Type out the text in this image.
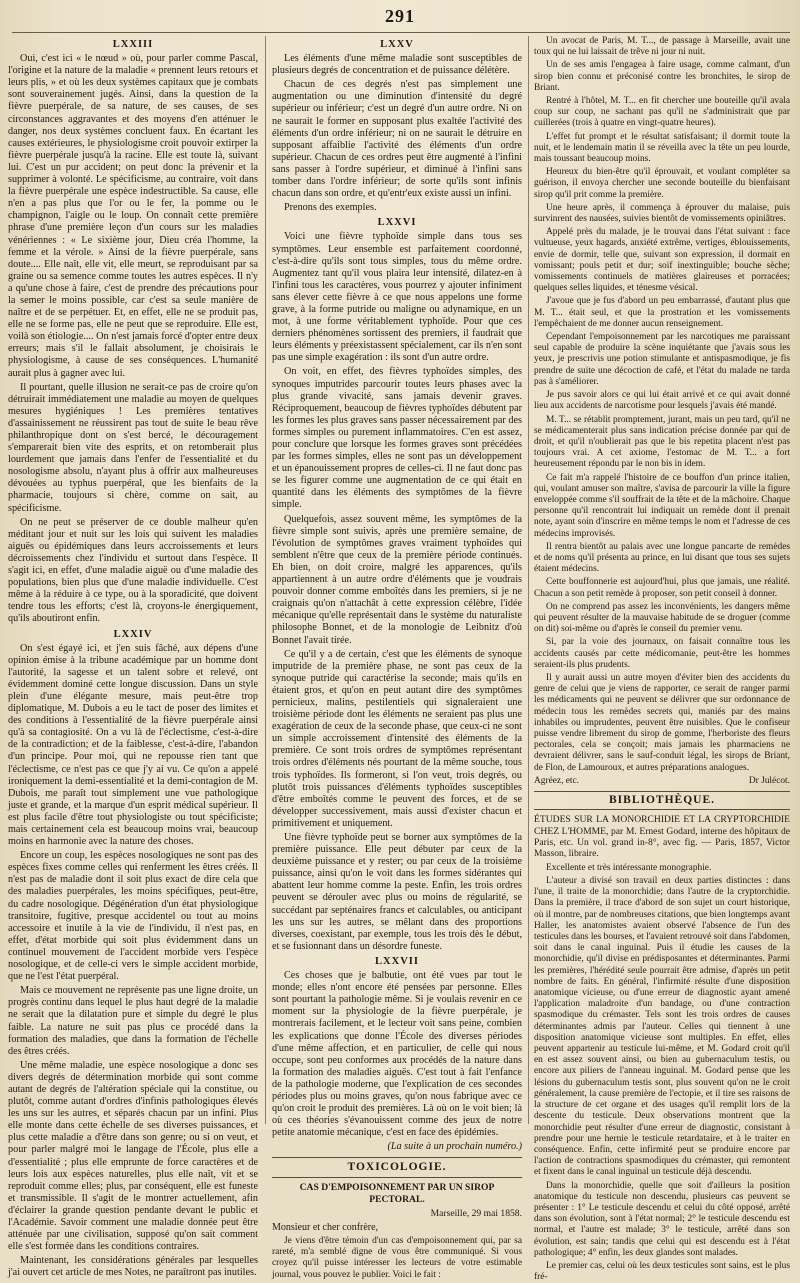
291
LXXIII

Oui, c'est ici « le nœud » où, pour parler comme Pascal, l'origine et la nature de la maladie « prennent leurs retours et leurs plis, » et où les deux systèmes capitaux que je combats sont souverainement jugés. Ainsi, dans la question de la fièvre puerpérale, de sa nature, de ses causes, de ses circonstances aggravantes et des moyens d'en atténuer le danger, nos deux systèmes concluent faux. En écartant les causes extérieures, le physiologisme croit pouvoir extirper la fièvre puerpérale jusqu'à la racine. Elle est toute là, suivant lui. C'est un pur accident; on peut donc la prévenir et la supprimer à volonté. Le spécificisme, au contraire, voit dans la fièvre puerpérale une espèce indestructible. Sa cause, elle n'en a pas plus que l'or ou le fer, la pomme ou le champignon, l'aigle ou le loup. On connaît cette première phrase d'une première leçon d'un cours sur les maladies vénériennes : « Le sixième jour, Dieu créa l'homme, la femme et la vérole. » Ainsi de la fièvre puerpérale, sans doute.... Elle naît, elle vit, elle meurt, se reproduisant par sa graine ou sa semence comme toutes les autres espèces. Il n'y a qu'une chose à faire, c'est de prendre des précautions pour la semer le moins possible, car c'est sa seule manière de naître et de se perpétuer. Et, en effet, elle ne se produit pas, elle ne se forme pas, elle ne peut que se reproduire. Elle est, voilà son étiologie.... On n'est jamais forcé d'opter entre deux erreurs; mais s'il le fallait absolument, je choisirais le physiologisme, à cause de ses conséquences. L'humanité aurait plus à gagner avec lui.

Il pourtant, quelle illusion ne serait-ce pas de croire qu'on détruirait immédiatement une maladie au moyen de quelques mesures hygiéniques ! Les premières tentatives d'assainissement ne réussirent pas tout de suite le beau rêve philanthropique dont on s'est bercé, le découragement s'emparerait bien vite des esprits, et on retomberait plus lourdement que jamais dans l'enfer de l'essentialité et du nosologisme absolu, n'ayant plus à offrir aux malheureuses dévouées au typhus puerpéral, que les bienfaits de la pharmacie, toujours si chère, comme on sait, au spécificisme.

On ne peut se préserver de ce double malheur qu'en méditant jour et nuit sur les lois qui suivent les maladies aiguës ou épidémiques dans leurs accroissements et leurs décroissements chez l'individu et surtout dans l'espèce. Il s'agit ici, en effet, d'une maladie aiguë ou d'une maladie des populations, bien plus que d'une maladie individuelle. C'est même à la réduire à ce type, ou à la sporadicité, que doivent tendre tous les efforts; c'est là, croyons-le énergiquement, qu'ils aboutiront enfin.

LXXIV

On s'est égayé ici, et j'en suis fâché, aux dépens d'une opinion émise à la tribune académique par un homme dont l'autorité, la sagesse et un talent sobre et relevé, ont évidemment dominé cette longue discussion. Dans un style plein d'une élégante mesure, mais peut-être trop diplomatique, M. Dubois a eu le tact de poser des limites et des conditions à l'essentialité de la fièvre puerpérale ainsi qu'à sa contagiosité. On a vu là de l'éclectisme, c'est-à-dire de la contradiction; et de la faiblesse, c'est-à-dire, l'abandon d'un principe. Pour moi, qui ne repousse rien tant que l'éclectisme, ce n'est pas ce que j'y ai vu. Ce qu'on a appelé ironiquement la demi-essentialité et la demi-contagion de M. Dubois, me paraît tout simplement une vue pathologique juste et grande, et la marque d'un esprit médical supérieur. Il est plus facile d'être tout physiologiste ou tout spécificiste; mais certainement cela est beaucoup moins vrai, beaucoup moins en harmonie avec la nature des choses.

Encore un coup, les espèces nosologiques ne sont pas des espèces fixes comme celles qui renferment les êtres créés. Il n'est pas de maladie dont il soit plus exact de dire cela que des maladies puerpérales, les moins spécifiques, peut-être, du cadre nosologique. Dégénération d'un état physiologique transitoire, fugitive, presque accidentel ou tout au moins accessoire et inutile à la vie de l'individu, il n'est pas, en effet, d'état morbide qui soit plus évidemment dans un continuel mouvement de l'accident morbide vers l'espèce nosologique, et de celle-ci vers le simple accident morbide, que ne l'est l'état puerpéral.

Mais ce mouvement ne représente pas une ligne droite, un progrès continu dans lequel le plus haut degré de la maladie ne serait que la dilatation pure et simple du degré le plus faible. La nature ne suit pas plus ce procédé dans la formation des maladies, que dans la formation de l'échelle des êtres créés.

Une même maladie, une espèce nosologique a donc ses divers degrés de détermination morbide qui sont comme autant de degrés de l'altération spéciale qui la constitue, ou plutôt, comme autant d'ordres d'infinis pathologiques élevés les uns sur les autres, et séparés chacun par un infini. Plus elle monte dans cette échelle de ses diverses puissances, et plus cette maladie a d'être dans son genre; ou si on veut, et pour parler malgré moi le langage de l'École, plus elle a d'essentialité ; plus elle emprunte de force caractères et de leurs lois aux espèces naturelles, plus elle naît, vit et se reproduit comme elles; plus, par conséquent, elle est funeste et transmissible. Il s'agit de le montrer actuellement, afin d'éclairer la grande question pendante devant le public et l'Académie. Savoir comment une maladie donnée peut être atténuée par une civilisation, supposé qu'on sait comment elle s'est formée dans les conditions contraires.

Maintenant, les considérations générales par lesquelles j'ai ouvert cet article de mes Notes, ne paraîtront pas inutiles.

LXXV

Les éléments d'une même maladie sont susceptibles de plusieurs degrés de concentration et de puissance délétère.

Chacun de ces degrés n'est pas simplement une augmentation ou une diminution d'intensité du degré supérieur ou inférieur; c'est un degré d'un autre ordre. Ni on ne saurait le former en supposant plus exaltée l'activité des éléments d'un ordre inférieur; ni on ne saurait le détruire en supposant affaiblie l'activité des éléments d'un ordre supérieur. Chacun de ces ordres peut être augmenté à l'infini sans passer à l'ordre supérieur, et diminué à l'infini sans tomber dans l'ordre inférieur; de sorte qu'ils sont infinis chacun dans son ordre, et qu'entr'eux existe aussi un infini.

Prenons des exemples.

LXXVI

Voici une fièvre typhoïde simple dans tous ses symptômes. Leur ensemble est parfaitement coordonné, c'est-à-dire qu'ils sont tous simples, tous du même ordre. Augmentez tant qu'il vous plaira leur intensité, dilatez-en à l'infini tous les caractères, vous pourrez y ajouter infiniment sans élever cette fièvre à ce que nous appelons une forme grave, à la forme putride ou maligne ou adynamique, en un mot, à une forme véritablement typhoïde. Pour que ces derniers phénomènes sortissent des premiers, il faudrait que leurs éléments y préexistassent spécialement, car ils n'en sont pas une simple exagération : ils sont d'un autre ordre.

On voit, en effet, des fièvres typhoïdes simples, des synoques imputrides parcourir toutes leurs phases avec la plus grande vivacité, sans jamais devenir graves. Réciproquement, beaucoup de fièvres typhoïdes débutent par les formes les plus graves sans passer nécessairement par des formes simples ou purement inflammatoires. C'en est assez, pour conclure que lorsque les formes graves sont précédées par les formes simples, elles ne sont pas un développement et un épanouissement propres de celles-ci. Il ne faut donc pas se les figurer comme une augmentation de ce qui était en quantité dans les éléments des symptômes de la fièvre simple.

Quelquefois, assez souvent même, les symptômes de la fièvre simple sont suivis, après une première semaine, de l'évolution de symptômes graves vraiment typhoïdes qui semblent n'être que ceux de la première période continués. Eh bien, on doit croire, malgré les apparences, qu'ils appartiennent à un autre ordre d'éléments que je voudrais pouvoir donner comme emboîtés dans les premiers, si je ne craignais qu'on n'attachât à cette expression célèbre, l'idée mécanique qu'elle représentait dans le système du naturaliste philosophe Bonnet, et de la monologie de Leibnitz d'où Bonnet l'avait tirée.

Ce qu'il y a de certain, c'est que les éléments de synoque imputride de la première phase, ne sont pas ceux de la synoque putride qui caractérise la seconde; mais qu'ils en étaient gros, et qu'on en peut autant dire des symptômes pernicieux, malins, pestilentiels qui signaleraient une troisième période dont les éléments ne seraient pas plus une exagération de ceux de la seconde phase, que ceux-ci ne sont un simple accroissement d'intensité des éléments de la première. Ce sont trois ordres de symptômes représentant trois ordres d'éléments nés pourtant de la même souche, tous trois typhoïdes. Ils formeront, si l'on veut, trois degrés, ou plutôt trois puissances d'éléments typhoïdes susceptibles d'être emboîtés comme le peuvent des forces, et de se développer successivement, mais aussi d'exister chacun et primitivement et uniquement.

Une fièvre typhoïde peut se borner aux symptômes de la première puissance. Elle peut débuter par ceux de la deuxième puissance et y rester; ou par ceux de la troisième puissance, ainsi qu'on le voit dans les formes sidérantes qui abattent leur homme comme la peste. Enfin, les trois ordres peuvent se dérouler avec plus ou moins de régularité, se succédant par septénaires francs et calculables, ou anticipant les uns sur les autres, se mêlant dans des proportions diverses, coexistant, par exemple, tous les trois dès le début, et se fusionnant dans un désordre funeste.

LXXVII

Ces choses que je balbutie, ont été vues par tout le monde; elles n'ont encore été pensées par personne. Elles sont pourtant la pathologie même. Si je voulais revenir en ce moment sur la physiologie de la fièvre puerpérale, je montrerais facilement, et le lecteur voit sans peine, combien les explications que donne l'École des diverses périodes d'une même affection, et en particulier, de celle qui nous occupe, sont peu conformes aux procédés de la nature dans la formation des maladies aiguës. C'est tout à fait l'enfance de la pathologie moderne, que l'explication de ces secondes périodes plus ou moins graves, qu'on nous fabrique avec ce qu'on croit le produit des premières. Là où on le voit bien; là où ces théories s'évanouissent comme des jeux de notre petite anatomie mécanique, c'est en face des épidémies.

(La suite à un prochain numéro.)
TOXICOLOGIE.
CAS D'EMPOISONNEMENT PAR UN SIROP PECTORAL.
Marseille, 29 mai 1858.
Monsieur et cher confrère,

Je viens d'être témoin d'un cas d'empoisonnement qui, par sa rareté, m'a semblé digne de vous être communiqué. Si vous croyez qu'il puisse intéresser les lecteurs de votre estimable journal, vous pouvez le publier. Voici le fait :

Un avocat de Paris, M. T..., de passage à Marseille, avait une toux qui ne lui laissait de trêve ni jour ni nuit.

Un de ses amis l'engagea à faire usage, comme calmant, d'un sirop bien connu et préconisé contre les bronchites, le sirop de Briant.

Rentré à l'hôtel, M. T... en fit chercher une bouteille qu'il avala coup sur coup, ne sachant pas qu'il ne s'administrait que par cuillerées (trois à quatre en vingt-quatre heures).

L'effet fut prompt et le résultat satisfaisant; il dormit toute la nuit, et le lendemain matin il se réveilla avec la tête un peu lourde, mais toussant beaucoup moins.

Heureux du bien-être qu'il éprouvait, et voulant compléter sa guérison, il envoya chercher une seconde bouteille du bienfaisant sirop qu'il prit comme la première.

Une heure après, il commença à éprouver du malaise, puis survinrent des nausées, suivies bientôt de vomissements opiniâtres.

Appelé près du malade, je le trouvai dans l'état suivant : face vultueuse, yeux hagards, anxiété extrême, vertiges, éblouissements, envie de dormir, telle que, suivant son expression, il dormait en vomissant; pouls petit et dur; soif inextinguible; bouche sèche; vomissements continuels de matières glaireuses et porracées; quelques selles liquides, et ténesme vésical.

J'avoue que je fus d'abord un peu embarrassé, d'autant plus que M. T... était seul, et que la prostration et les vomissements l'empêchaient de me donner aucun renseignement.

Cependant l'empoisonnement par les narcotiques me paraissant seul capable de produire la scène inquiétante que j'avais sous les yeux, je prescrivis une potion stimulante et antispasmodique, je fis prendre de suite une décoction de café, et l'état du malade ne tarda pas à s'améliorer.

Je pus savoir alors ce qui lui était arrivé et ce qui avait donné lieu aux accidents de narcotisme pour lesquels j'avais été mandé.

M. T... se rétablit promptement, jurant, mais un peu tard, qu'il ne se médicamenterait plus sans indication précise donnée par qui de droit, et qu'il n'oublierait pas que le bis repetita placent n'est pas toujours vrai. A cet axiome, l'estomac de M. T... a fort heureusement répondu par le non bis in idem.

Ce fait m'a rappelé l'histoire de ce bouffon d'un prince italien, qui, voulant amuser son maître, s'avisa de parcourir la ville la figure enveloppée comme s'il souffrait de la tête et de la mâchoire. Chaque personne qu'il rencontrait lui indiquait un remède dont il prenait note, ayant soin d'inscrire en même temps le nom et l'adresse de ces médecins improvisés.

Il rentra bientôt au palais avec une longue pancarte de remèdes et de noms qu'il présenta au prince, en lui disant que tous ses sujets étaient médecins.

Cette bouffonnerie est aujourd'hui, plus que jamais, une réalité. Chacun a son petit remède à proposer, son petit conseil à donner.

On ne comprend pas assez les inconvénients, les dangers même qui peuvent résulter de la mauvaise habitude de se droguer (comme on dit) soi-même ou d'après le conseil du premier venu.

Si, par la voie des journaux, on faisait connaître tous les accidents causés par cette médicomanie, peut-être les hommes seraient-ils plus prudents.

Il y aurait aussi un autre moyen d'éviter bien des accidents du genre de celui que je viens de rapporter, ce serait de ranger parmi les médicaments qui ne peuvent se délivrer que sur ordonnance de médecin tous les remèdes secrets qui, maniés par des mains inhabiles ou imprudentes, peuvent être nuisibles. Que le confiseur puisse vendre librement du sirop de gomme, l'herboriste des fleurs pectorales, cela se conçoit; mais jamais les pharmaciens ne devraient délivrer, sans le sauf-conduit légal, les sirops de Briant, de Flon, de Lamouroux, et autres préparations analogues.

Agréez, etc.	Dr Julécot.
BIBLIOTHÈQUE.
ÉTUDES SUR LA MONORCHIDIE ET LA CRYPTORCHIDIE CHEZ L'HOMME, par M. Ernest Godard, interne des hôpitaux de Paris, etc. Un vol. grand in-8°, avec fig. — Paris, 1857, Victor Masson, libraire.

Excellente et très intéressante monographie.

L'auteur a divisé son travail en deux parties distinctes : dans l'une, il traite de la monorchidie; dans l'autre de la cryptorchidie. Dans la première, il trace d'abord de son sujet un court historique, où il montre, par de nombreuses citations, que bien longtemps avant Haller, les anatomistes avaient observé l'absence de l'un des testicules dans les bourses, et l'avaient retrouvé soit dans l'abdomen, soit dans le canal inguinal. Puis il étudie les causes de la monorchidie, qu'il divise en prédisposantes et déterminantes. Parmi les premières, l'hérédité seule pourrait être admise, d'après un petit nombre de faits. En général, l'infirmité résulte d'une disposition anatomique vicieuse, ou d'une erreur de diagnostic ayant amené l'application maladroite d'un bandage, ou d'une contraction spasmodique du crémaster. Tels sont les trois ordres de causes déterminantes admis par l'auteur. Celles qui tiennent à une disposition anatomique vicieuse sont multiples. En effet, elles peuvent appartenir au testicule lui-même, et M. Godard croit qu'il en est assez souvent ainsi, ou bien au gubernaculum testis, ou encore aux piliers de l'anneau inguinal. M. Godard pense que les lésions du gubernaculum testis sont, plus souvent qu'on ne le croit généralement, la cause première de l'ectopie, et il tire ses raisons de la structure de cet organe et des usages qu'il remplit lors de la descente du testicule. Deux observations montrent que la monorchidie peut résulter d'une erreur de diagnostic, consistant à prendre pour une hernie le testicule retardataire, et à le traiter en conséquence. Enfin, cette infirmité peut se produire encore par l'action de contractions spasmodiques du crémaster, qui remontent et fixent dans le canal inguinal un testicule déjà descendu.

Dans la monorchidie, quelle que soit d'ailleurs la position anatomique du testicule non descendu, plusieurs cas peuvent se présenter : 1° Le testicule descendu et celui du côté opposé, arrêté dans son évolution, sont à l'état normal; 2° le testicule descendu est normal, et l'autre est malade; 3° le testicule, arrêté dans son évolution, est sain; tandis que celui qui est descendu est à l'état pathologique; 4° enfin, les deux glandes sont malades.

Le premier cas, celui où les deux testicules sont sains, est le plus fré-
